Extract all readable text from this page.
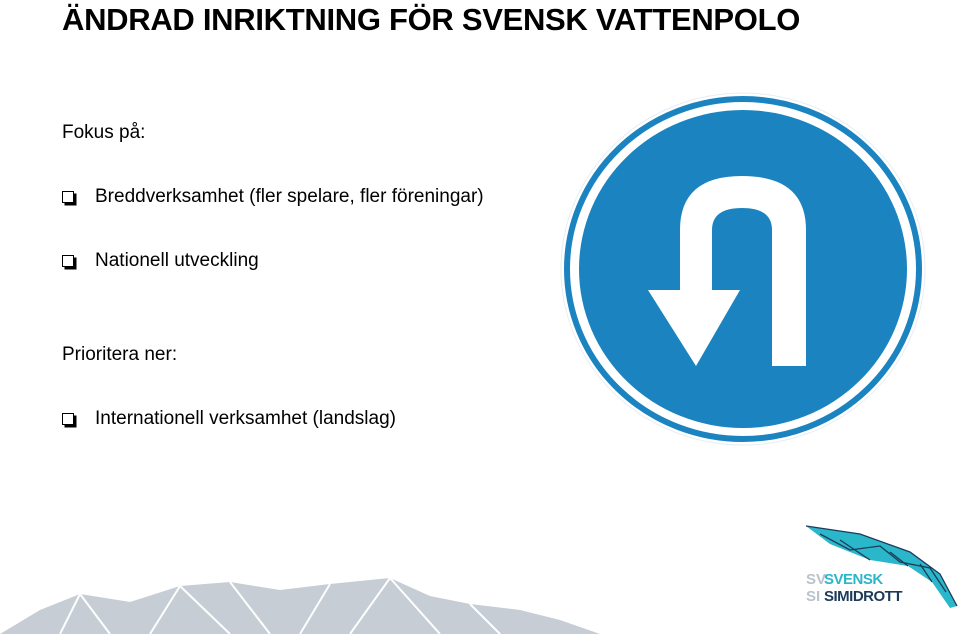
ÄNDRAD INRIKTNING FÖR SVENSK VATTENPOLO
Fokus på:
Breddverksamhet (fler spelare, fler föreningar)
Nationell utveckling
Prioritera ner:
Internationell verksamhet (landslag)
SV
SI
SVENSK
SIMIDROTT
